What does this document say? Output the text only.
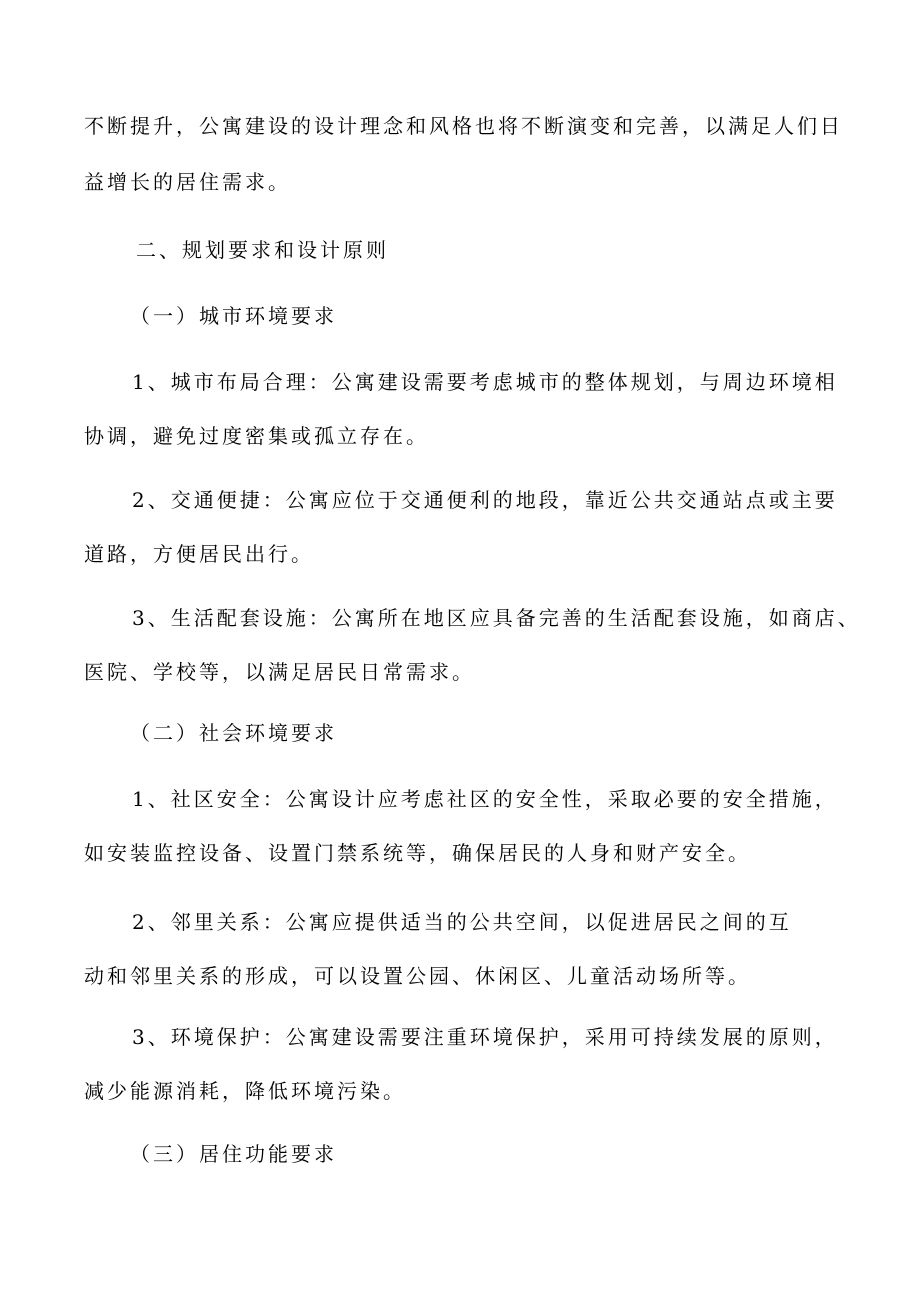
不断提升，公寓建设的设计理念和风格也将不断演变和完善，以满足人们日
益增长的居住需求。
二、规划要求和设计原则
（一）城市环境要求
1、城市布局合理：公寓建设需要考虑城市的整体规划，与周边环境相
协调，避免过度密集或孤立存在。
2、交通便捷：公寓应位于交通便利的地段，靠近公共交通站点或主要
道路，方便居民出行。
3、生活配套设施：公寓所在地区应具备完善的生活配套设施，如商店、
医院、学校等，以满足居民日常需求。
（二）社会环境要求
1、社区安全：公寓设计应考虑社区的安全性，采取必要的安全措施，
如安装监控设备、设置门禁系统等，确保居民的人身和财产安全。
2、邻里关系：公寓应提供适当的公共空间，以促进居民之间的互
动和邻里关系的形成，可以设置公园、休闲区、儿童活动场所等。
3、环境保护：公寓建设需要注重环境保护，采用可持续发展的原则，
减少能源消耗，降低环境污染。
（三）居住功能要求
